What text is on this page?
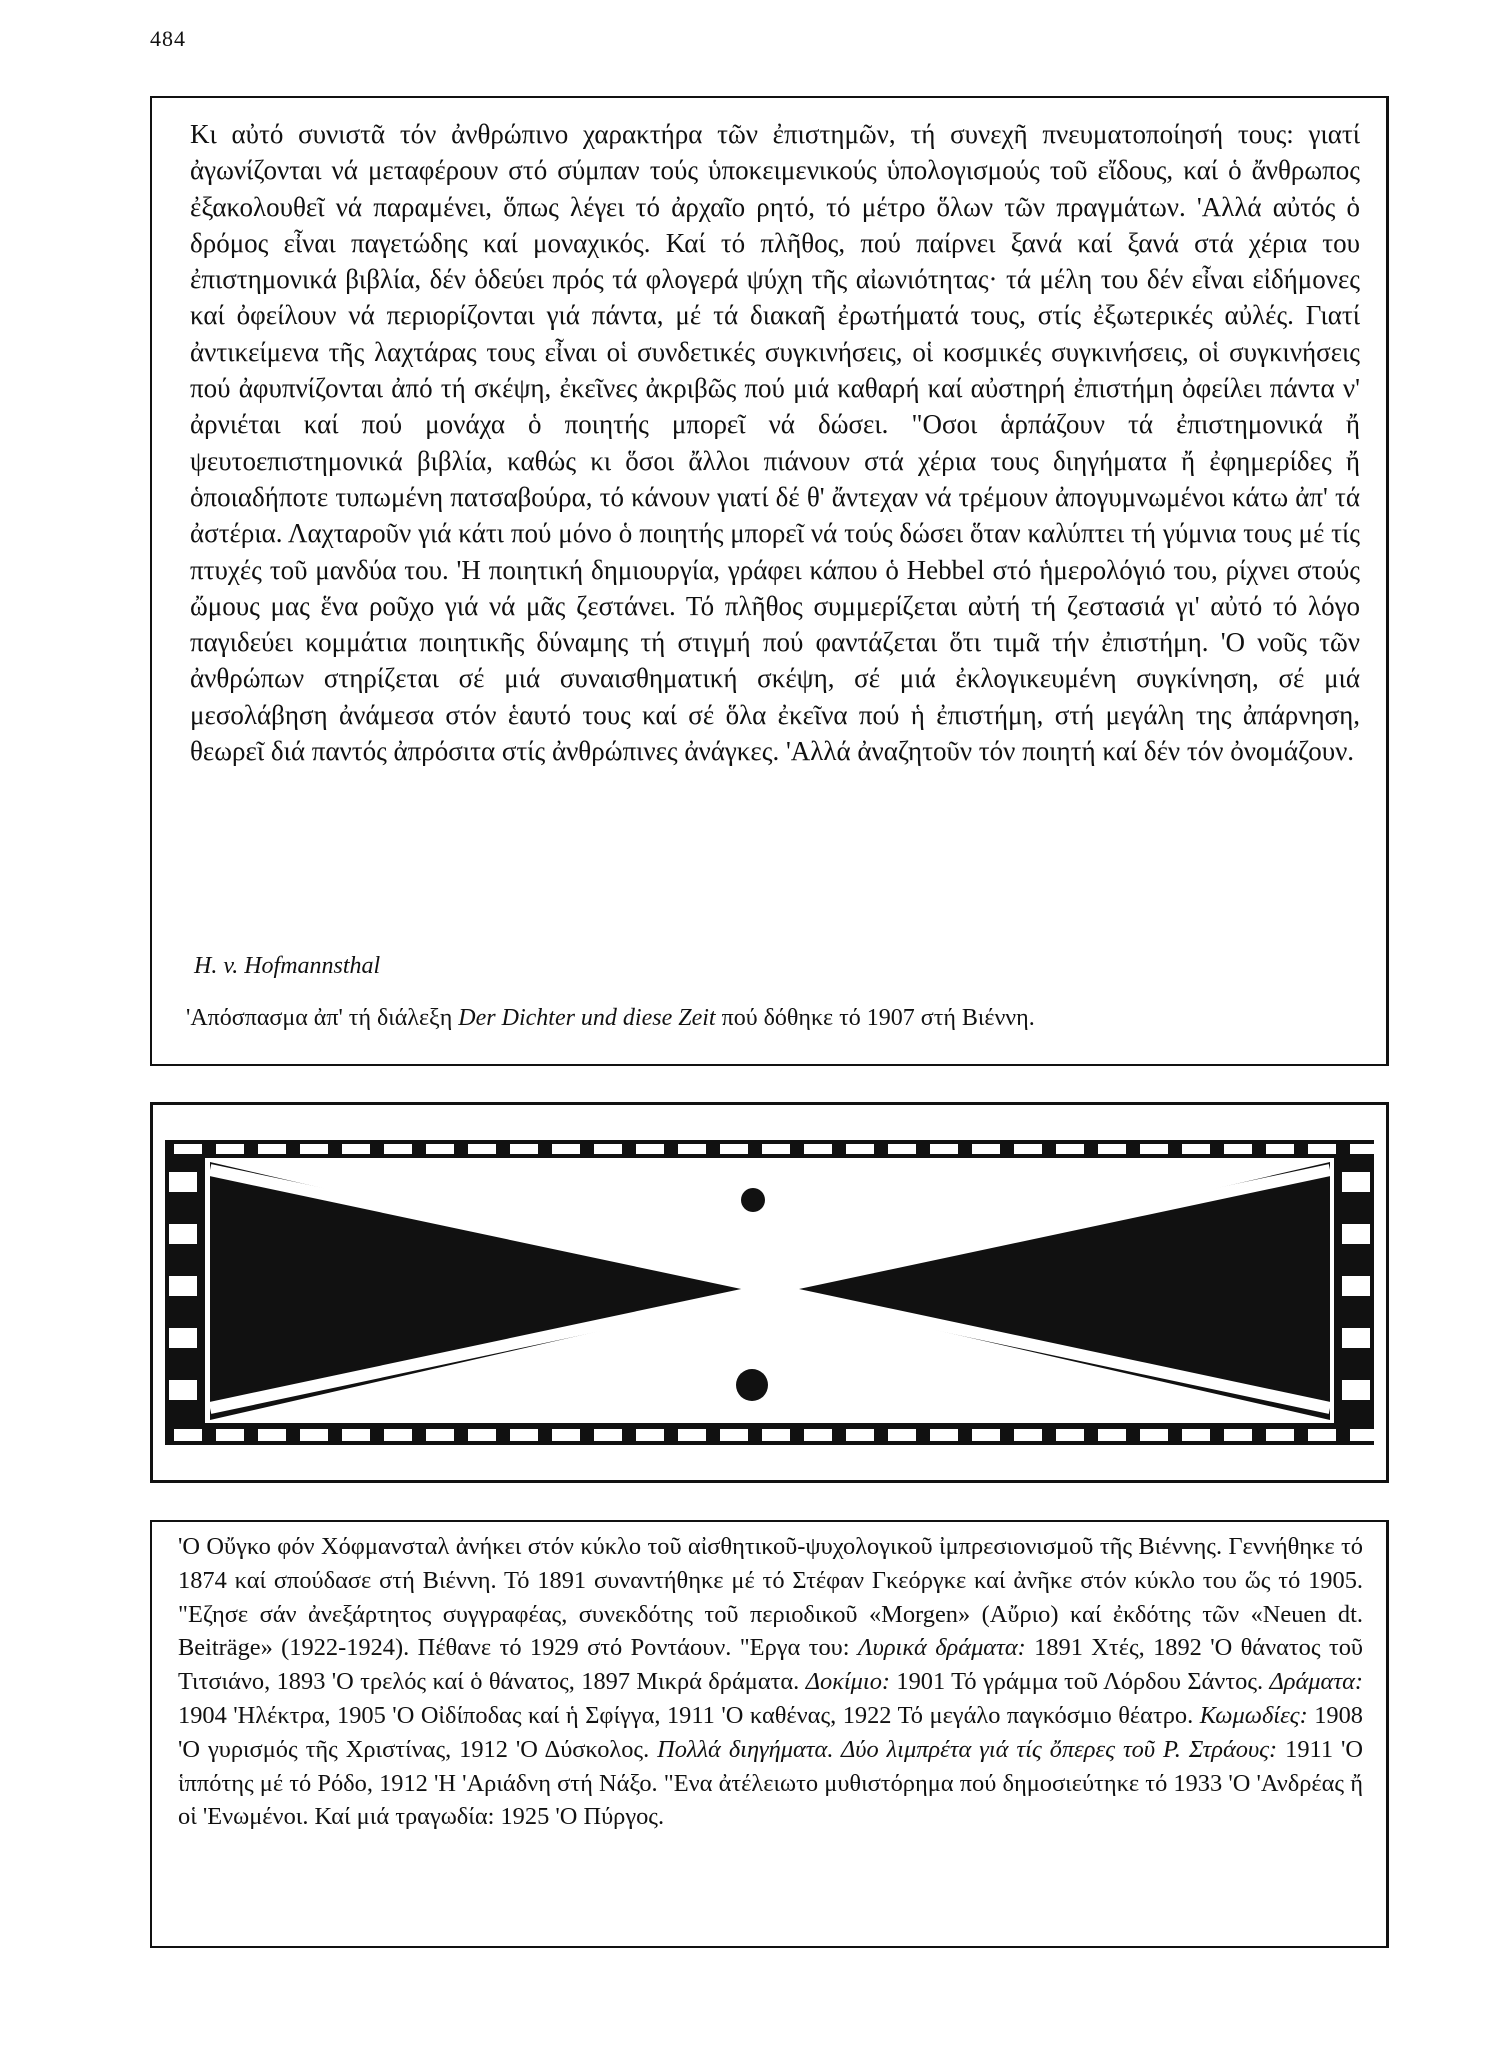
484

Κι αὐτό συνιστᾶ τόν ἀνθρώπινο χαρακτήρα τῶν ἐπιστημῶν, τή συνεχῆ πνευματοποίησή τους: γιατί ἀγωνίζονται νά μεταφέρουν στό σύμπαν τούς ὑποκειμενικούς ὑπολογισμούς τοῦ εἴδους, καί ὁ ἄνθρωπος ἐξακολουθεῖ νά παραμένει, ὅπως λέγει τό ἀρχαῖο ρητό, τό μέτρο ὅλων τῶν πραγμάτων. 'Αλλά αὐτός ὁ δρόμος εἶναι παγετώδης καί μοναχικός. Καί τό πλῆθος, πού παίρνει ξανά καί ξανά στά χέρια του ἐπιστημονικά βιβλία, δέν ὁδεύει πρός τά φλογερά ψύχη τῆς αἰωνιότητας· τά μέλη του δέν εἶναι εἰδήμονες καί ὀφείλουν νά περιορίζονται γιά πάντα, μέ τά διακαῆ ἐρωτήματά τους, στίς ἐξωτερικές αὐλές. Γιατί ἀντικείμενα τῆς λαχτάρας τους εἶναι οἱ συνδετικές συγκινήσεις, οἱ κοσμικές συγκινήσεις, οἱ συγκινήσεις πού ἀφυπνίζονται ἀπό τή σκέψη, ἐκεῖνες ἀκριβῶς πού μιά καθαρή καί αὐστηρή ἐπιστήμη ὀφείλει πάντα ν' ἀρνιέται καί πού μονάχα ὁ ποιητής μπορεῖ νά δώσει. "Οσοι ἁρπάζουν τά ἐπιστημονικά ἤ ψευτοεπιστημονικά βιβλία, καθώς κι ὅσοι ἄλλοι πιάνουν στά χέρια τους διηγήματα ἤ ἐφημερίδες ἤ ὁποιαδήποτε τυπωμένη πατσαβούρα, τό κάνουν γιατί δέ θ' ἄντεχαν νά τρέμουν ἀπογυμνωμένοι κάτω ἀπ' τά ἀστέρια. Λαχταροῦν γιά κάτι πού μόνο ὁ ποιητής μπορεῖ νά τούς δώσει ὅταν καλύπτει τή γύμνια τους μέ τίς πτυχές τοῦ μανδύα του. 'Η ποιητική δημιουργία, γράφει κάπου ὁ Hebbel στό ἡμερολόγιό του, ρίχνει στούς ὤμους μας ἕνα ροῦχο γιά νά μᾶς ζεστάνει. Τό πλῆθος συμμερίζεται αὐτή τή ζεστασιά γι' αὐτό τό λόγο παγιδεύει κομμάτια ποιητικῆς δύναμης τή στιγμή πού φαντάζεται ὅτι τιμᾶ τήν ἐπιστήμη. 'Ο νοῦς τῶν ἀνθρώπων στηρίζεται σέ μιά συναισθηματική σκέψη, σέ μιά ἐκλογικευμένη συγκίνηση, σέ μιά μεσολάβηση ἀνάμεσα στόν ἑαυτό τους καί σέ ὅλα ἐκεῖνα πού ἡ ἐπιστήμη, στή μεγάλη της ἀπάρνηση, θεωρεῖ διά παντός ἀπρόσιτα στίς ἀνθρώπινες ἀνάγκες. 'Αλλά ἀναζητοῦν τόν ποιητή καί δέν τόν ὀνομάζουν.

H. v. Hofmannsthal
'Απόσπασμα ἀπ' τή διάλεξη Der Dichter und diese Zeit πού δόθηκε τό 1907 στή Βιέννη.

'Ο Οὔγκο φόν Χόφμανσταλ ἀνήκει στόν κύκλο τοῦ αἰσθητικοῦ-ψυχολογικοῦ ἰμπρεσιονισμοῦ τῆς Βιέννης. Γεννήθηκε τό 1874 καί σπούδασε στή Βιέννη. Τό 1891 συναντήθηκε μέ τό Στέφαν Γκεόργκε καί ἀνῆκε στόν κύκλο του ὥς τό 1905. "Εζησε σάν ἀνεξάρτητος συγγραφέας, συνεκδότης τοῦ περιοδικοῦ «Morgen» (Αὔριο) καί ἐκδότης τῶν «Neuen dt. Beiträge» (1922-1924). Πέθανε τό 1929 στό Ροντάουν. "Εργα του: Λυρικά δράματα: 1891 Χτές, 1892 'Ο θάνατος τοῦ Τιτσιάνο, 1893 'Ο τρελός καί ὁ θάνατος, 1897 Μικρά δράματα. Δοκίμιο: 1901 Τό γράμμα τοῦ Λόρδου Σάντος. Δράματα: 1904 'Ηλέκτρα, 1905 'Ο Οἰδίποδας καί ἡ Σφίγγα, 1911 'Ο καθένας, 1922 Τό μεγάλο παγκόσμιο θέατρο. Κωμωδίες: 1908 'Ο γυρισμός τῆς Χριστίνας, 1912 'Ο Δύσκολος. Πολλά διηγήματα. Δύο λιμπρέτα γιά τίς ὄπερες τοῦ Ρ. Στράους: 1911 'Ο ἱππότης μέ τό Ρόδο, 1912 'Η 'Αριάδνη στή Νάξο. "Ενα ἀτέλειωτο μυθιστόρημα πού δημοσιεύτηκε τό 1933 'Ο 'Ανδρέας ἤ οἱ 'Ενωμένοι. Καί μιά τραγωδία: 1925 'Ο Πύργος.
